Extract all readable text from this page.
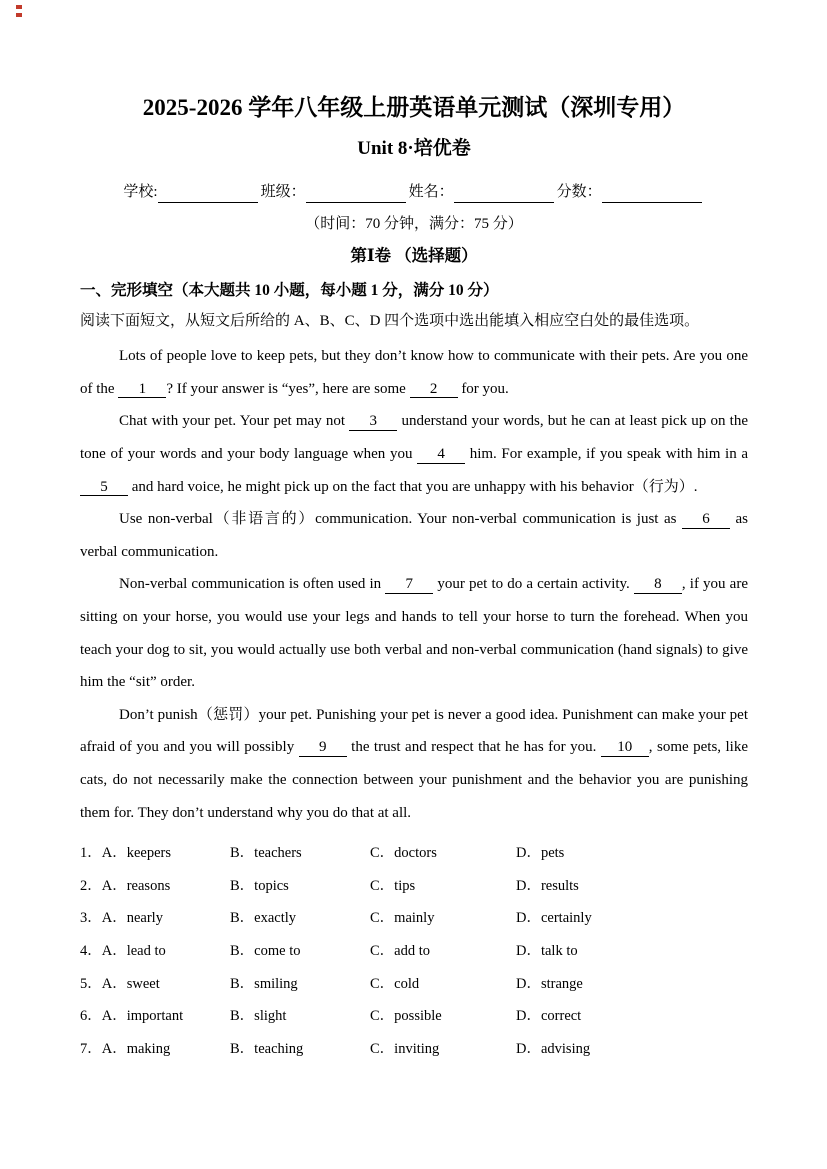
2025-2026 学年八年级上册英语单元测试（深圳专用）
Unit 8·培优卷
学校:	班级：	姓名：	分数：
（时间：70 分钟，满分：75 分）
第Ⅰ卷 （选择题）
一、完形填空（本大题共 10 小题，每小题 1 分，满分 10 分）
阅读下面短文，从短文后所给的 A、B、C、D 四个选项中选出能填入相应空白处的最佳选项。

Lots of people love to keep pets, but they don’t know how to communicate with their pets. Are you one of the 1 ? If your answer is “yes”, here are some 2 for you.

Chat with your pet. Your pet may not 3 understand your words, but he can at least pick up on the tone of your words and your body language when you 4 him. For example, if you speak with him in a 5 and hard voice, he might pick up on the fact that you are unhappy with his behavior（行为）.

Use non-verbal（非语言的）communication. Your non-verbal communication is just as 6 as verbal communication.

Non-verbal communication is often used in 7 your pet to do a certain activity. 8 , if you are sitting on your horse, you would use your legs and hands to tell your horse to turn the forehead. When you teach your dog to sit, you would actually use both verbal and non-verbal communication (hand signals) to give him the “sit” order.

Don’t punish（惩罚）your pet. Punishing your pet is never a good idea. Punishment can make your pet afraid of you and you will possibly 9 the trust and respect that he has for you. 10 , some pets, like cats, do not necessarily make the connection between your punishment and the behavior you are punishing them for. They don’t understand why you do that at all.

1．A．keepers	B．teachers	C．doctors	D．pets
2．A．reasons	B．topics	C．tips	D．results
3．A．nearly	B．exactly	C．mainly	D．certainly
4．A．lead to	B．come to	C．add to	D．talk to
5．A．sweet	B．smiling	C．cold	D．strange
6．A．important	B．slight	C．possible	D．correct
7．A．making	B．teaching	C．inviting	D．advising
